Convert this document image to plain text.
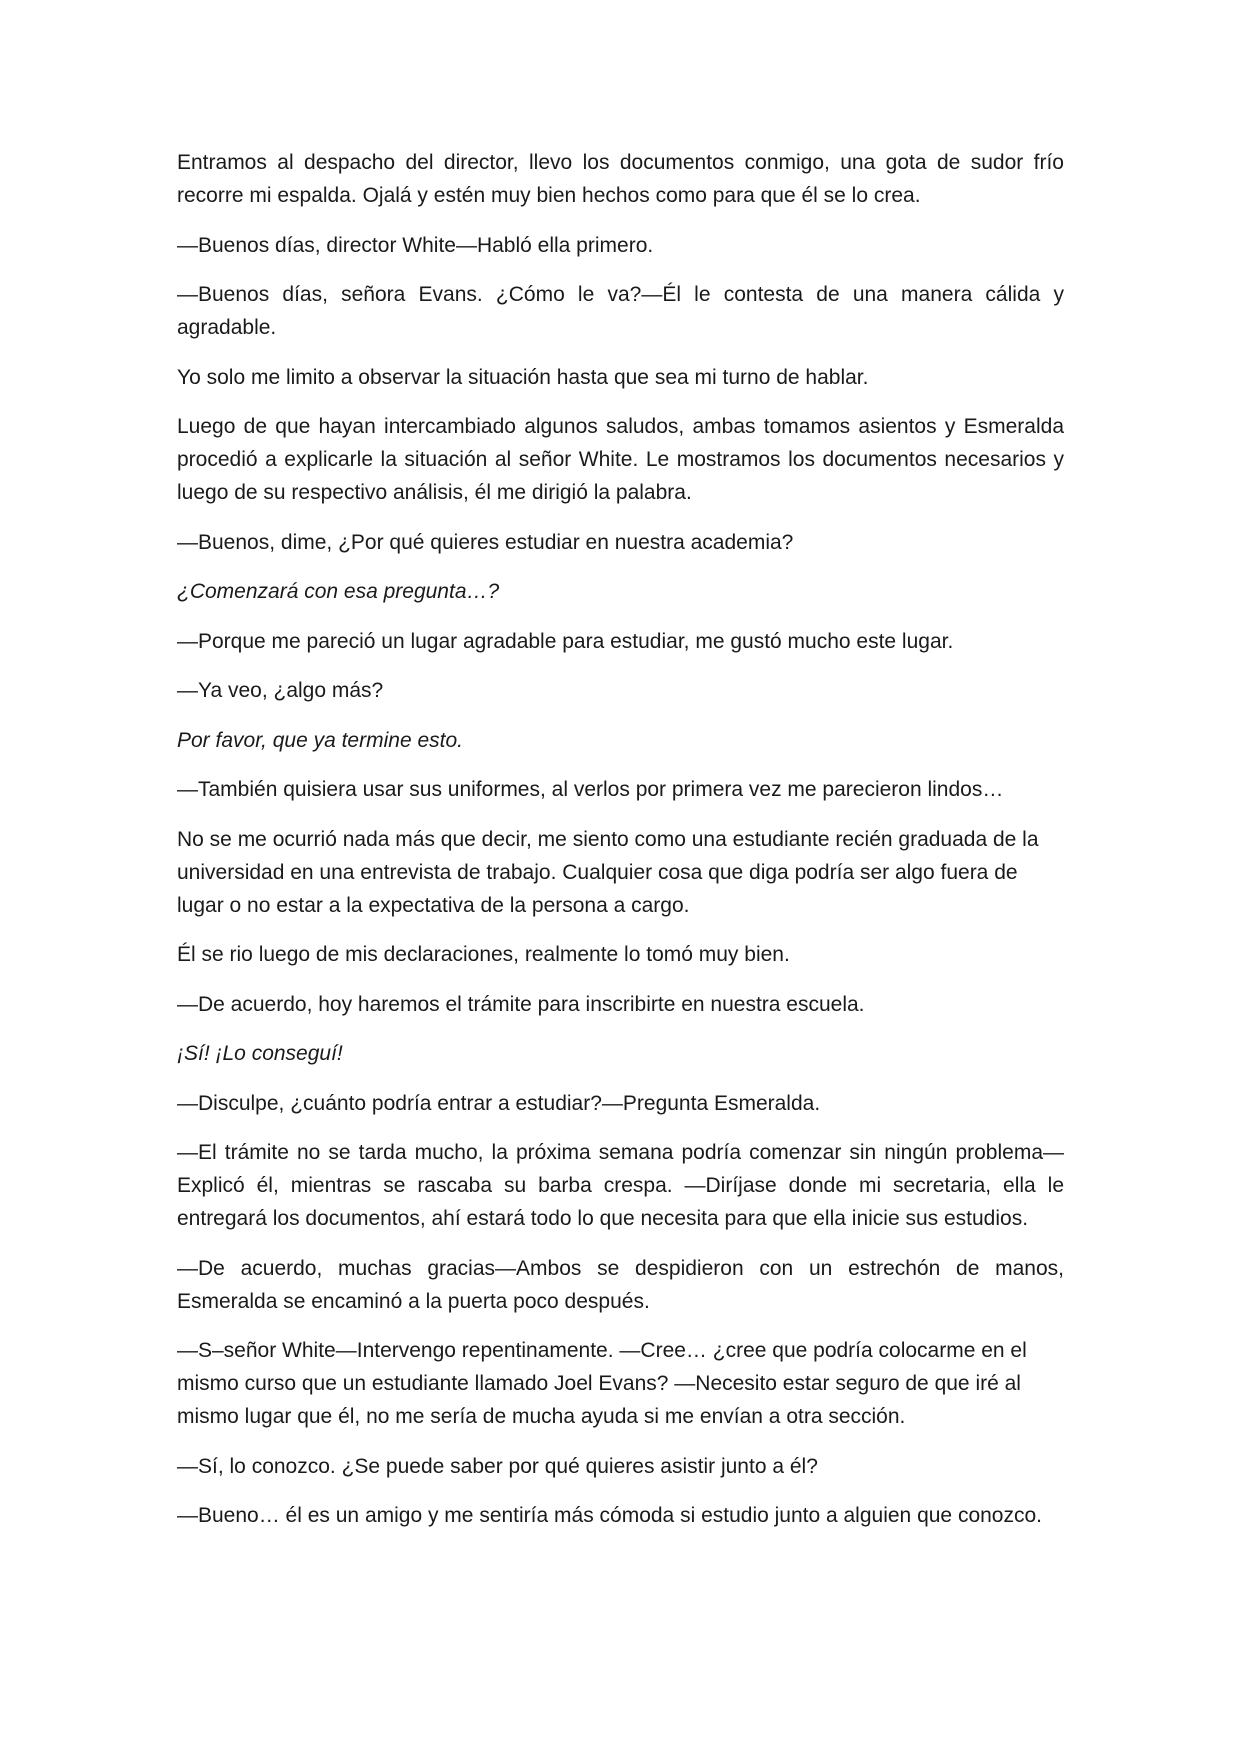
Entramos al despacho del director, llevo los documentos conmigo, una gota de sudor frío recorre mi espalda. Ojalá y estén muy bien hechos como para que él se lo crea.

—Buenos días, director White—Habló ella primero.

—Buenos días, señora Evans. ¿Cómo le va?—Él le contesta de una manera cálida y agradable.

Yo solo me limito a observar la situación hasta que sea mi turno de hablar.

Luego de que hayan intercambiado algunos saludos, ambas tomamos asientos y Esmeralda procedió a explicarle la situación al señor White. Le mostramos los documentos necesarios y luego de su respectivo análisis, él me dirigió la palabra.

—Buenos, dime, ¿Por qué quieres estudiar en nuestra academia?

¿Comenzará con esa pregunta…?

—Porque me pareció un lugar agradable para estudiar, me gustó mucho este lugar.

—Ya veo, ¿algo más?

Por favor, que ya termine esto.

—También quisiera usar sus uniformes, al verlos por primera vez me parecieron lindos…

No se me ocurrió nada más que decir, me siento como una estudiante recién graduada de la universidad en una entrevista de trabajo. Cualquier cosa que diga podría ser algo fuera de lugar o no estar a la expectativa de la persona a cargo.

Él se rio luego de mis declaraciones, realmente lo tomó muy bien.

—De acuerdo, hoy haremos el trámite para inscribirte en nuestra escuela.

¡Sí! ¡Lo conseguí!

—Disculpe, ¿cuánto podría entrar a estudiar?—Pregunta Esmeralda.

—El trámite no se tarda mucho, la próxima semana podría comenzar sin ningún problema—Explicó él, mientras se rascaba su barba crespa. —Diríjase donde mi secretaria, ella le entregará los documentos, ahí estará todo lo que necesita para que ella inicie sus estudios.

—De acuerdo, muchas gracias—Ambos se despidieron con un estrechón de manos, Esmeralda se encaminó a la puerta poco después.

—S–señor White—Intervengo repentinamente. —Cree… ¿cree que podría colocarme en el mismo curso que un estudiante llamado Joel Evans? —Necesito estar seguro de que iré al mismo lugar que él, no me sería de mucha ayuda si me envían a otra sección.

—Sí, lo conozco. ¿Se puede saber por qué quieres asistir junto a él?

—Bueno… él es un amigo y me sentiría más cómoda si estudio junto a alguien que conozco.
